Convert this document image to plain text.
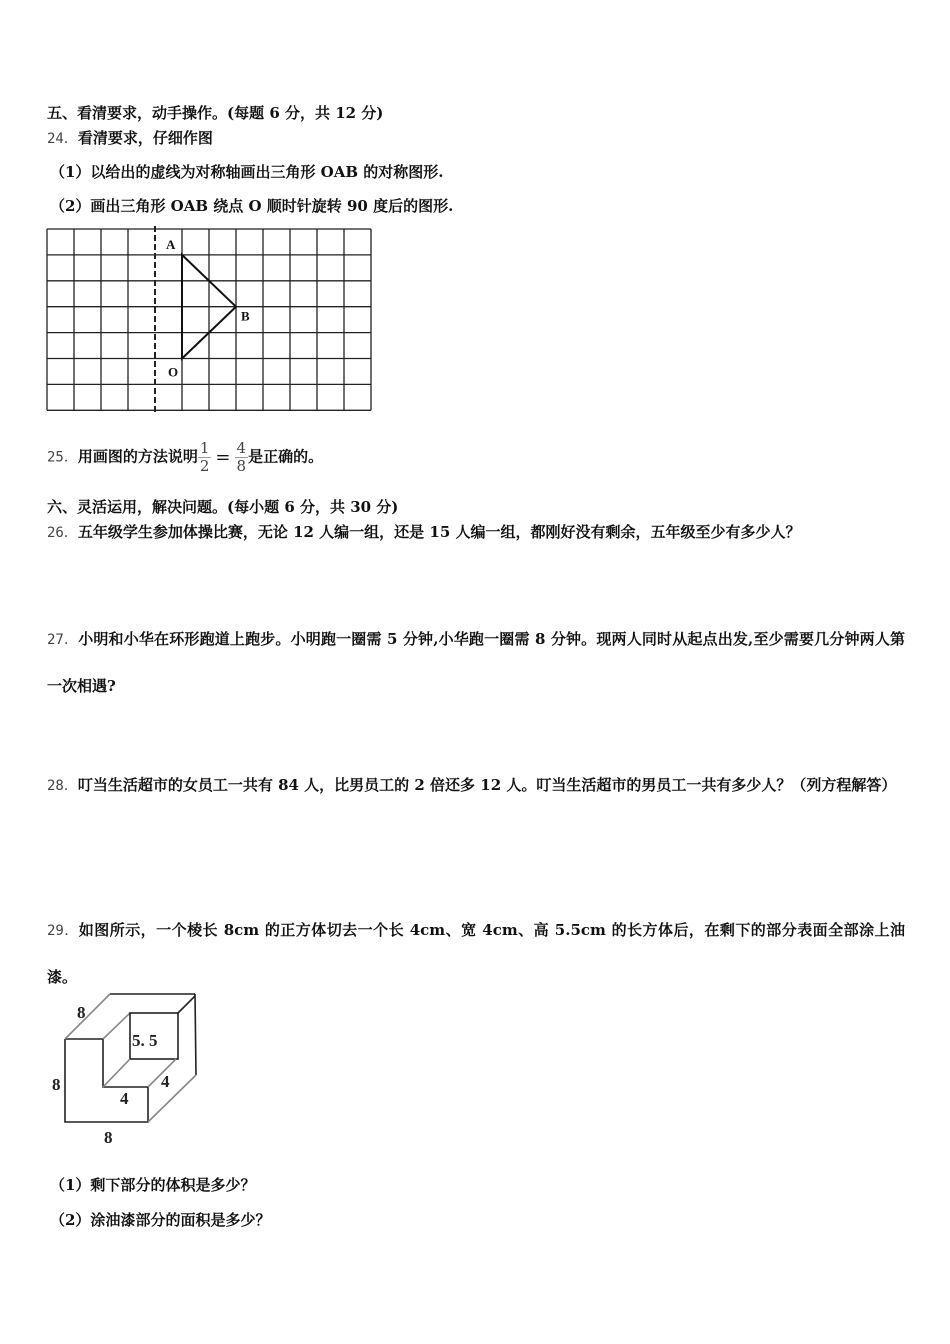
五、看清要求，动手操作。(每题 6 分，共 12 分)
24．看清要求，仔细作图
（1）以给出的虚线为对称轴画出三角形 OAB 的对称图形.
（2）画出三角形 OAB 绕点 O 顺时针旋转 90 度后的图形.
A
B
O
8
8
8
5. 5
4
4
25．用画图的方法说明 $\frac{1}{2} = \frac{4}{8}$是正确的。
六、灵活运用，解决问题。(每小题 6 分，共 30 分)
26．五年级学生参加体操比赛，无论 12 人编一组，还是 15 人编一组，都刚好没有剩余，五年级至少有多少人？
27．小明和小华在环形跑道上跑步。小明跑一圈需 5 分钟,小华跑一圈需 8 分钟。现两人同时从起点出发,至少需要几分钟两人第一次相遇?
28．叮当生活超市的女员工一共有 84 人，比男员工的 2 倍还多 12 人。叮当生活超市的男员工一共有多少人？（列方程解答）
29．如图所示，一个棱长 8cm 的正方体切去一个长 4cm、宽 4cm、高 5.5cm 的长方体后，在剩下的部分表面全部涂上油漆。
（1）剩下部分的体积是多少？
（2）涂油漆部分的面积是多少？
